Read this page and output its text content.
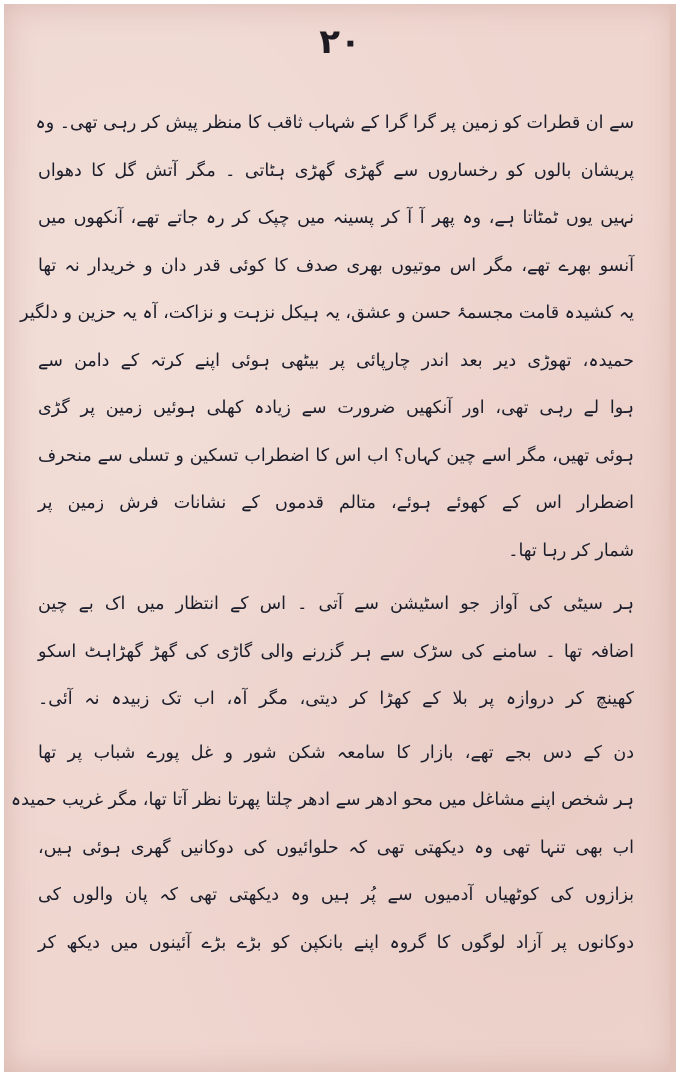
۲۰
سے ان قطرات کو زمین پر گرا گرا کے شہاب ثاقب کا منظر پیش کر رہی تھی۔ وہ
پریشان بالوں کو رخساروں سے گھڑی گھڑی ہٹاتی ۔ مگر آتش گل کا دھواں
نہیں یوں ٹمٹاتا ہے، وہ پھر آ آ کر پسینہ میں چپک کر رہ جاتے تھے، آنکھوں میں
آنسو بھرے تھے، مگر اس موتیوں بھری صدف کا کوئی قدر دان و خریدار نہ تھا
یہ کشیدہ قامت مجسمۂ حسن و عشق، یہ ہیکل نزہت و نزاکت، آہ یہ حزین و دلگیر
حمیدہ، تھوڑی دیر بعد اندر چارپائی پر بیٹھی ہوئی اپنے کرتہ کے دامن سے
ہوا لے رہی تھی، اور آنکھیں ضرورت سے زیادہ کھلی ہوئیں زمین پر گڑی
ہوئی تھیں، مگر اسے چین کہاں؟ اب اس کا اضطراب تسکین و تسلی سے منحرف
اضطرار اس کے کھوئے ہوئے، متالم قدموں کے نشانات فرش زمین پر
شمار کر رہا تھا۔
ہر سیٹی کی آواز جو اسٹیشن سے آتی ۔ اس کے انتظار میں اک بے چین
اضافہ تھا ۔ سامنے کی سڑک سے ہر گزرنے والی گاڑی کی گھڑ گھڑاہٹ اسکو
کھینچ کر دروازہ پر بلا کے کھڑا کر دیتی، مگر آہ، اب تک زبیدہ نہ آئی۔
دن کے دس بجے تھے، بازار کا سامعہ شکن شور و غل پورے شباب پر تھا
ہر شخص اپنے مشاغل میں محو ادھر سے ادھر چلتا پھرتا نظر آتا تھا، مگر غریب حمیدہ
اب بھی تنہا تھی وہ دیکھتی تھی کہ حلوائیوں کی دوکانیں گھری ہوئی ہیں،
بزازوں کی کوٹھیاں آدمیوں سے پُر ہیں وہ دیکھتی تھی کہ پان والوں کی
دوکانوں پر آزاد لوگوں کا گروہ اپنے بانکپن کو بڑے بڑے آئینوں میں دیکھ کر
